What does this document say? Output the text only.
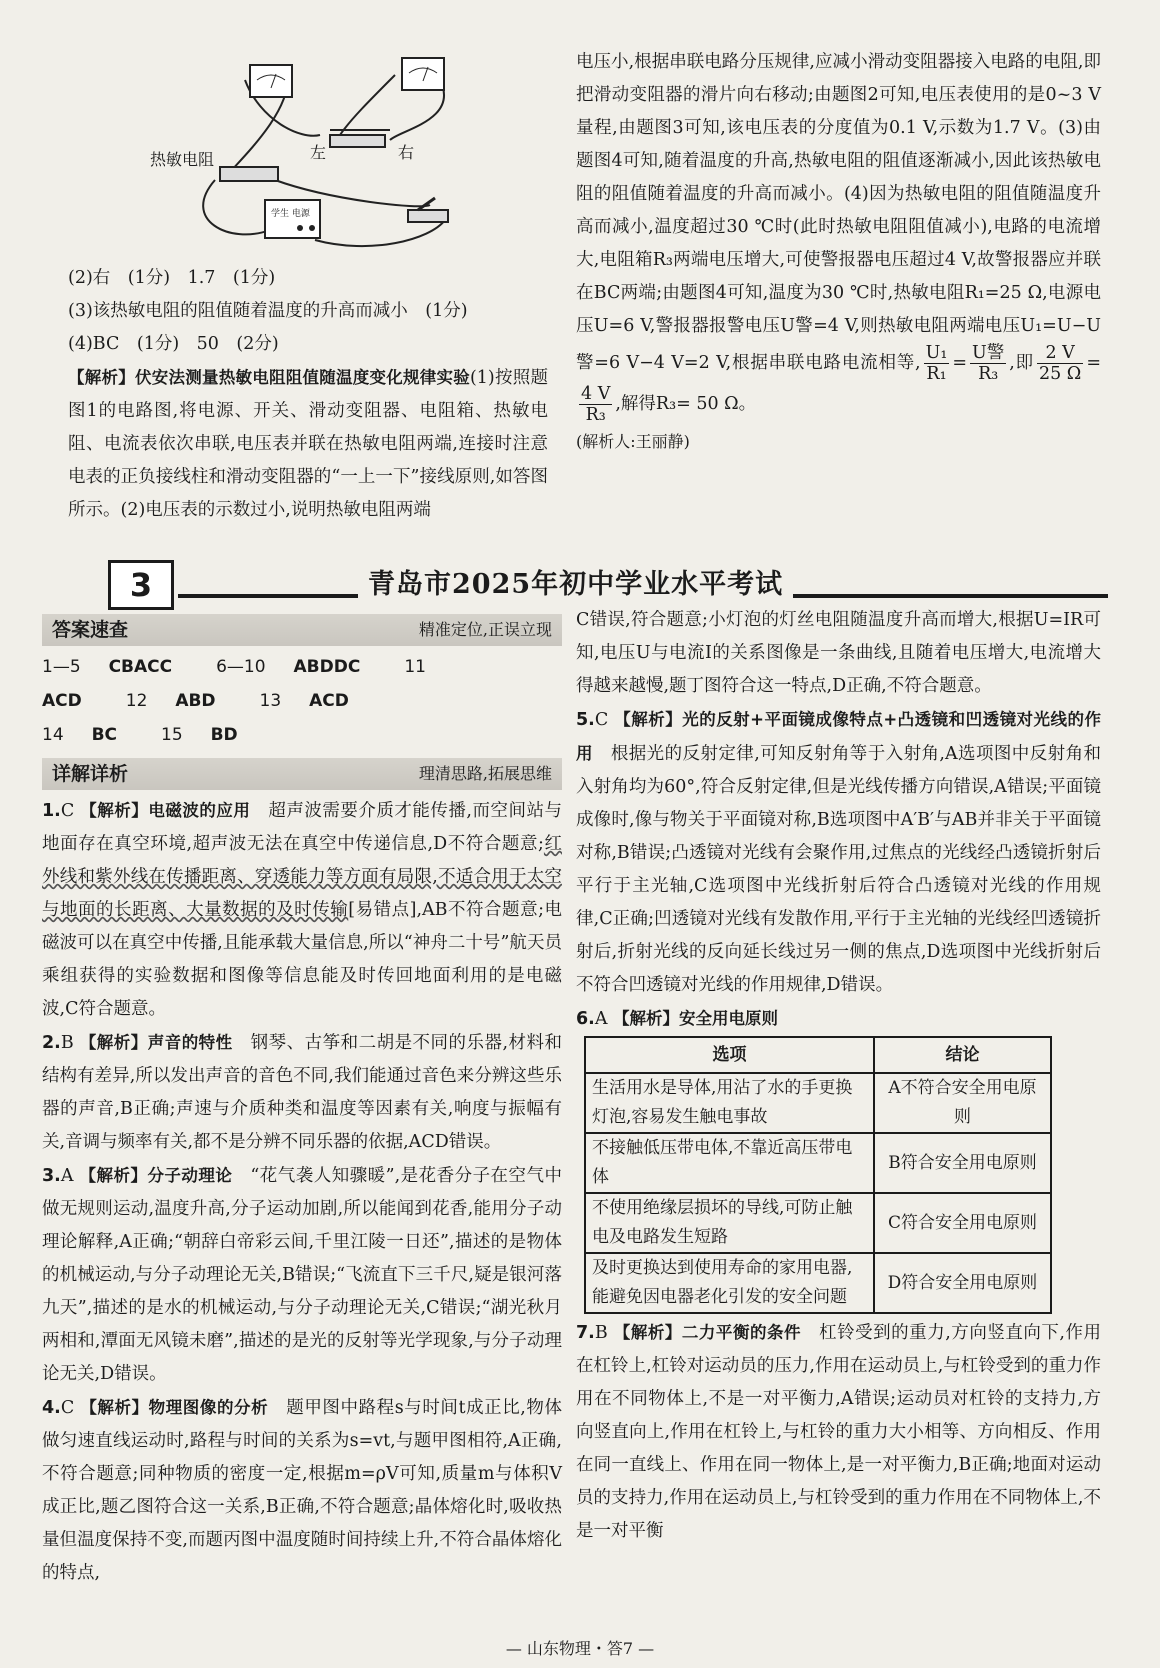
热敏电阻	左	右
学生 电源

(2)右　(1分)　1.7　(1分)

(3)该热敏电阻的阻值随着温度的升高而减小　(1分)

(4)BC　(1分)　50　(2分)

【解析】伏安法测量热敏电阻阻值随温度变化规律实验(1)按照题图1的电路图,将电源、开关、滑动变阻器、电阻箱、热敏电阻、电流表依次串联,电压表并联在热敏电阻两端,连接时注意电表的正负接线柱和滑动变阻器的“一上一下”接线原则,如答图所示。(2)电压表的示数过小,说明热敏电阻两端

电压小,根据串联电路分压规律,应减小滑动变阻器接入电路的电阻,即把滑动变阻器的滑片向右移动;由题图2可知,电压表使用的是0~3 V量程,由题图3可知,该电压表的分度值为0.1 V,示数为1.7 V。(3)由题图4可知,随着温度的升高,热敏电阻的阻值逐渐减小,因此该热敏电阻的阻值随着温度的升高而减小。(4)因为热敏电阻的阻值随温度升高而减小,温度超过30 ℃时(此时热敏电阻阻值减小),电路的电流增大,电阻箱R₃两端电压增大,可使警报器电压超过4 V,故警报器应并联在BC两端;由题图4可知,温度为30 ℃时,热敏电阻R₁=25 Ω,电源电压U=6 V,警报器报警电压U警=4 V,则热敏电阻两端电压U₁=U−U警=6 V−4 V=2 V,根据串联电路电流相等, $\frac{\text{U₁}}{\text{R₁}} = \frac{\text{U警}}{\text{R₃}}$ ,即 $\frac{2 V}{25 \Omega}$ =
$\frac{4 V}{\text{R₃}}$ ,解得R₃= 50 Ω。

(解析人:王丽静)

3	青岛市2025年初中学业水平考试
答案速查	精准定位,正误立现
1—5 CBACC	6—10 ABDDC	11 ACD	12 ABD	13 ACD
14 BC	15 BD
详解详析	理清思路,拓展思维

1.C 【解析】电磁波的应用　 超声波需要介质才能传播,而空间站与地面存在真空环境,超声波无法在真空中传递信息,D不符合题意;红外线和紫外线在传播距离、穿透能力等方面有局限,不适合用于太空与地面的长距离、大量数据的及时传输[易错点],AB不符合题意;电磁波可以在真空中传播,且能承载大量信息,所以“神舟二十号”航天员乘组获得的实验数据和图像等信息能及时传回地面利用的是电磁波,C符合题意。

2.B 【解析】声音的特性　 钢琴、古筝和二胡是不同的乐器,材料和结构有差异,所以发出声音的音色不同,我们能通过音色来分辨这些乐器的声音,B正确;声速与介质种类和温度等因素有关,响度与振幅有关,音调与频率有关,都不是分辨不同乐器的依据,ACD错误。

3.A 【解析】分子动理论　 “花气袭人知骤暖”,是花香分子在空气中做无规则运动,温度升高,分子运动加剧,所以能闻到花香,能用分子动理论解释,A正确;“朝辞白帝彩云间,千里江陵一日还”,描述的是物体的机械运动,与分子动理论无关,B错误;“飞流直下三千尺,疑是银河落九天”,描述的是水的机械运动,与分子动理论无关,C错误;“湖光秋月两相和,潭面无风镜未磨”,描述的是光的反射等光学现象,与分子动理论无关,D错误。

4.C 【解析】物理图像的分析　 题甲图中路程s与时间t成正比,物体做匀速直线运动时,路程与时间的关系为s=vt,与题甲图相符,A正确,不符合题意;同种物质的密度一定,根据m=ρV可知,质量m与体积V成正比,题乙图符合这一关系,B正确,不符合题意;晶体熔化时,吸收热量但温度保持不变,而题丙图中温度随时间持续上升,不符合晶体熔化的特点,

C错误,符合题意;小灯泡的灯丝电阻随温度升高而增大,根据U=IR可知,电压U与电流I的关系图像是一条曲线,且随着电压增大,电流增大得越来越慢,题丁图符合这一特点,D正确,不符合题意。

5.C 【解析】光的反射+平面镜成像特点+凸透镜和凹透镜对光线的作用　 根据光的反射定律,可知反射角等于入射角,A选项图中反射角和入射角均为60°,符合反射定律,但是光线传播方向错误,A错误;平面镜成像时,像与物关于平面镜对称,B选项图中A′B′与AB并非关于平面镜对称,B错误;凸透镜对光线有会聚作用,过焦点的光线经凸透镜折射后平行于主光轴,C选项图中光线折射后符合凸透镜对光线的作用规律,C正确;凹透镜对光线有发散作用,平行于主光轴的光线经凹透镜折射后,折射光线的反向延长线过另一侧的焦点,D选项图中光线折射后不符合凹透镜对光线的作用规律,D错误。

6.A 【解析】安全用电原则

选项	结论
生活用水是导体,用沾了水的手更换灯泡,容易发生触电事故	A不符合安全用电原则
不接触低压带电体,不靠近高压带电体	B符合安全用电原则
不使用绝缘层损坏的导线,可防止触电及电路发生短路	C符合安全用电原则
及时更换达到使用寿命的家用电器,能避免因电器老化引发的安全问题	D符合安全用电原则

7.B 【解析】二力平衡的条件　 杠铃受到的重力,方向竖直向下,作用在杠铃上,杠铃对运动员的压力,作用在运动员上,与杠铃受到的重力作用在不同物体上,不是一对平衡力,A错误;运动员对杠铃的支持力,方向竖直向上,作用在杠铃上,与杠铃的重力大小相等、方向相反、作用在同一直线上、作用在同一物体上,是一对平衡力,B正确;地面对运动员的支持力,作用在运动员上,与杠铃受到的重力作用在不同物体上,不是一对平衡

— 山东物理・答7 —
